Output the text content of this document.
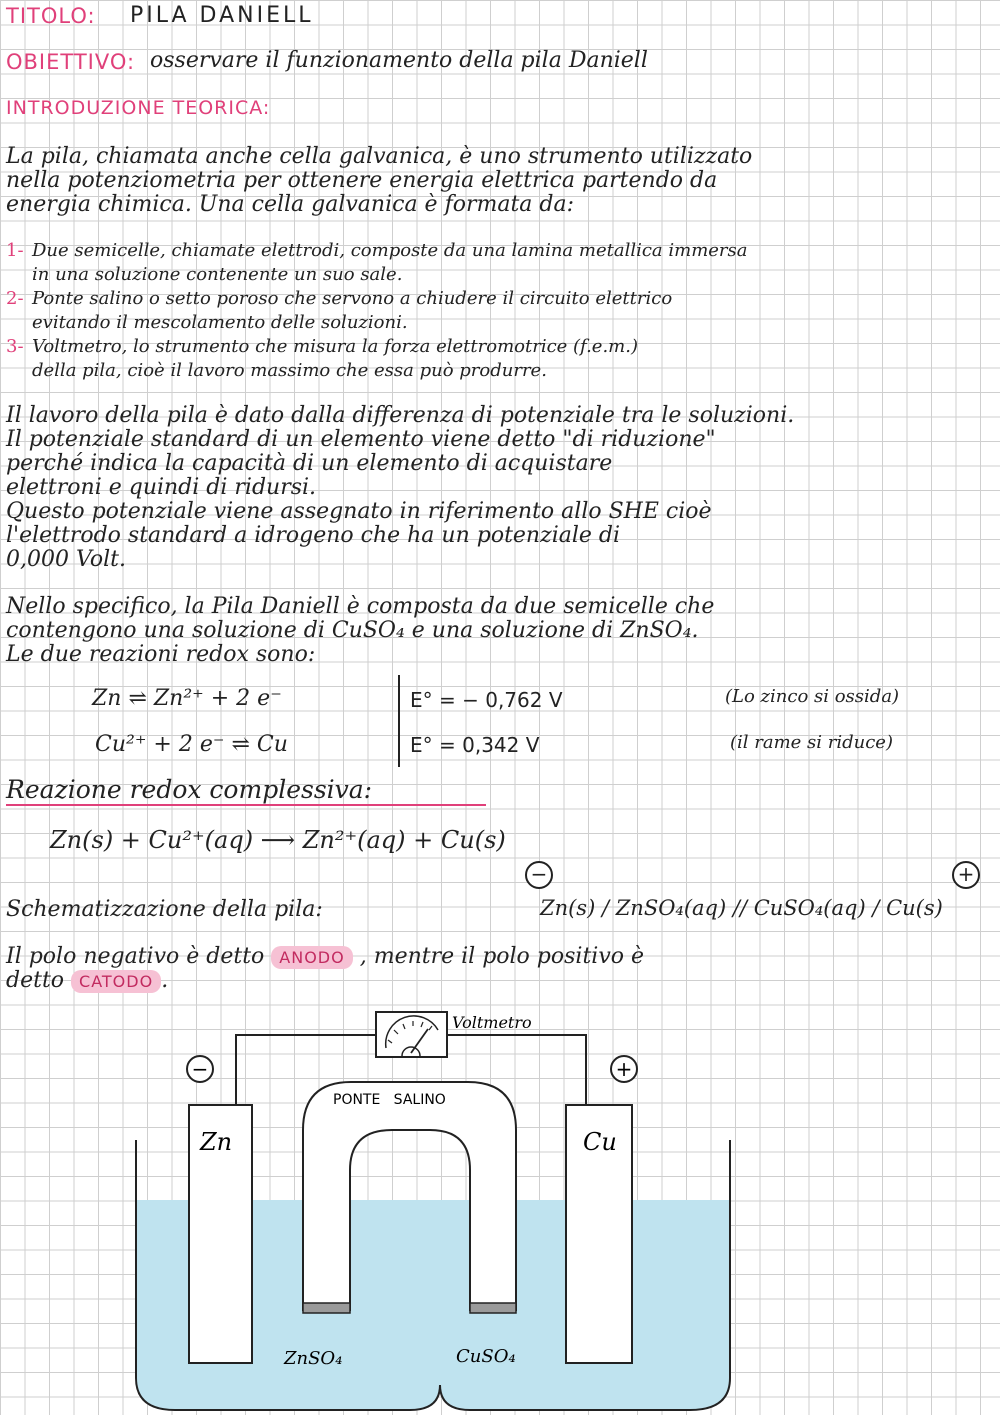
TITOLO: PILA DANIELL
OBIETTIVO: osservare il funzionamento della pila Daniell
INTRODUZIONE TEORICA:
La pila, chiamata anche cella galvanica, è uno strumento utilizzato
nella potenziometria per ottenere energia elettrica partendo da
energia chimica. Una cella galvanica è formata da:
1- Due semicelle, chiamate elettrodi, composte da una lamina metallica immersa
in una soluzione contenente un suo sale.
2- Ponte salino o setto poroso che servono a chiudere il circuito elettrico
evitando il mescolamento delle soluzioni.
3- Voltmetro, lo strumento che misura la forza elettromotrice (f.e.m.)
della pila, cioè il lavoro massimo che essa può produrre.
Il lavoro della pila è dato dalla differenza di potenziale tra le soluzioni.
Il potenziale standard di un elemento viene detto "di riduzione"
perché indica la capacità di un elemento di acquistare
elettroni e quindi di ridursi.
Questo potenziale viene assegnato in riferimento allo SHE cioè
l'elettrodo standard a idrogeno che ha un potenziale di
0,000 Volt.
Nello specifico, la Pila Daniell è composta da due semicelle che
contengono una soluzione di CuSO₄ e una soluzione di ZnSO₄.
Le due reazioni redox sono:
Zn ⇌ Zn²⁺ + 2 e⁻	E° = − 0,762 V	(Lo zinco si ossida)
Cu²⁺ + 2 e⁻ ⇌ Cu	E° = 0,342 V	(il rame si riduce)
Reazione redox complessiva:
Zn(s) + Cu²⁺(aq) ⟶ Zn²⁺(aq) + Cu(s)
−	+
Schematizzazione della pila:	Zn(s) / ZnSO₄(aq) // CuSO₄(aq) / Cu(s)
Il polo negativo è detto ANODO , mentre il polo positivo è
detto CATODO .
−	+
Voltmetro
PONTE   SALINO
Zn	Cu
ZnSO₄	CuSO₄
